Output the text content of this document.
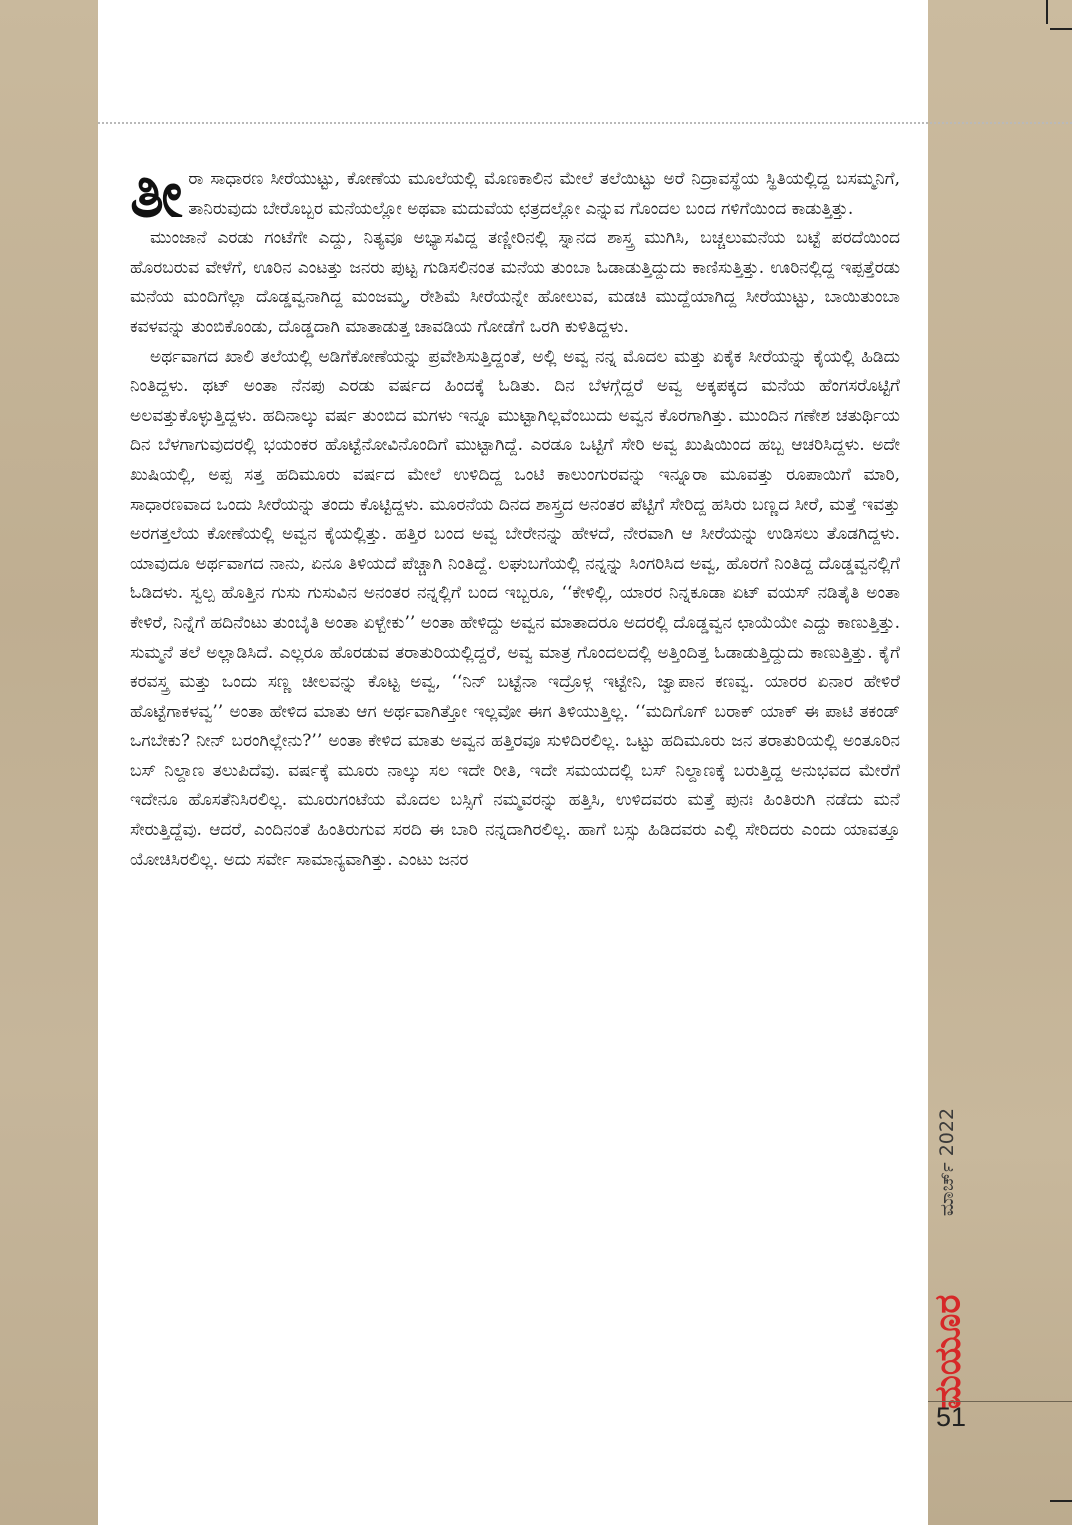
ತೀರಾ ಸಾಧಾರಣ ಸೀರೆಯುಟ್ಟು, ಕೋಣೆಯ ಮೂಲೆಯಲ್ಲಿ ಮೊಣಕಾಲಿನ ಮೇಲೆ ತಲೆಯಿಟ್ಟು ಅರೆ ನಿದ್ರಾವಸ್ಥೆಯ ಸ್ಥಿತಿಯಲ್ಲಿದ್ದ ಬಸಮ್ಮನಿಗೆ, ತಾನಿರುವುದು ಬೇರೊಬ್ಬರ ಮನೆಯಲ್ಲೋ ಅಥವಾ ಮದುವೆಯ ಛತ್ರದಲ್ಲೋ ಎನ್ನುವ ಗೊಂದಲ ಬಂದ ಗಳಿಗೆಯಿಂದ ಕಾಡುತ್ತಿತ್ತು.

ಮುಂಜಾನೆ ಎರಡು ಗಂಟೆಗೇ ಎದ್ದು, ನಿತ್ಯವೂ ಅಭ್ಯಾಸವಿದ್ದ ತಣ್ಣೀರಿನಲ್ಲಿ ಸ್ನಾನದ ಶಾಸ್ತ್ರ ಮುಗಿಸಿ, ಬಚ್ಚಲುಮನೆಯ ಬಟ್ಟೆ ಪರದೆಯಿಂದ ಹೊರಬರುವ ವೇಳೆಗೆ, ಊರಿನ ಎಂಟತ್ತು ಜನರು ಪುಟ್ಟ ಗುಡಿಸಲಿನಂತ ಮನೆಯ ತುಂಬಾ ಓಡಾಡುತ್ತಿದ್ದುದು ಕಾಣಿಸುತ್ತಿತ್ತು. ಊರಿನಲ್ಲಿದ್ದ ಇಪ್ಪತ್ತೆರಡು ಮನೆಯ ಮಂದಿಗೆಲ್ಲಾ ದೊಡ್ಡವ್ವನಾಗಿದ್ದ ಮಂಜಮ್ಮ, ರೇಶಿಮೆ ಸೀರೆಯನ್ನೇ ಹೋಲುವ, ಮಡಚಿ ಮುದ್ದೆಯಾಗಿದ್ದ ಸೀರೆಯುಟ್ಟು, ಬಾಯಿತುಂಬಾ ಕವಳವನ್ನು ತುಂಬಿಕೊಂಡು, ದೊಡ್ಡದಾಗಿ ಮಾತಾಡುತ್ತ ಚಾವಡಿಯ ಗೋಡೆಗೆ ಒರಗಿ ಕುಳಿತಿದ್ದಳು.

ಅರ್ಥವಾಗದ ಖಾಲಿ ತಲೆಯಲ್ಲಿ ಅಡಿಗೆಕೋಣೆಯನ್ನು ಪ್ರವೇಶಿಸುತ್ತಿದ್ದಂತೆ, ಅಲ್ಲಿ ಅವ್ವ ನನ್ನ ಮೊದಲ ಮತ್ತು ಏಕೈಕ ಸೀರೆಯನ್ನು ಕೈಯಲ್ಲಿ ಹಿಡಿದು ನಿಂತಿದ್ದಳು. ಥಟ್ ಅಂತಾ ನೆನಪು ಎರಡು ವರ್ಷದ ಹಿಂದಕ್ಕೆ ಓಡಿತು. ದಿನ ಬೆಳಗ್ಗೆದ್ದರೆ ಅವ್ವ ಅಕ್ಕಪಕ್ಕದ ಮನೆಯ ಹೆಂಗಸರೊಟ್ಟಿಗೆ ಅಲವತ್ತುಕೊಳ್ಳುತ್ತಿದ್ದಳು. ಹದಿನಾಲ್ಕು ವರ್ಷ ತುಂಬಿದ ಮಗಳು ಇನ್ನೂ ಮುಟ್ಟಾಗಿಲ್ಲವೆಂಬುದು ಅವ್ವನ ಕೊರಗಾಗಿತ್ತು. ಮುಂದಿನ ಗಣೇಶ ಚತುರ್ಥಿಯ ದಿನ ಬೆಳಗಾಗುವುದರಲ್ಲಿ ಭಯಂಕರ ಹೊಟ್ಟೆನೋವಿನೊಂದಿಗೆ ಮುಟ್ಟಾಗಿದ್ದೆ. ಎರಡೂ ಒಟ್ಟಿಗೆ ಸೇರಿ ಅವ್ವ ಖುಷಿಯಿಂದ ಹಬ್ಬ ಆಚರಿಸಿದ್ದಳು. ಅದೇ ಖುಷಿಯಲ್ಲಿ, ಅಪ್ಪ ಸತ್ತ ಹದಿಮೂರು ವರ್ಷದ ಮೇಲೆ ಉಳಿದಿದ್ದ ಒಂಟಿ ಕಾಲುಂಗುರವನ್ನು ಇನ್ನೂರಾ ಮೂವತ್ತು ರೂಪಾಯಿಗೆ ಮಾರಿ, ಸಾಧಾರಣವಾದ ಒಂದು ಸೀರೆಯನ್ನು ತಂದು ಕೊಟ್ಟಿದ್ದಳು. ಮೂರನೆಯ ದಿನದ ಶಾಸ್ತ್ರದ ಅನಂತರ ಪೆಟ್ಟಿಗೆ ಸೇರಿದ್ದ ಹಸಿರು ಬಣ್ಣದ ಸೀರೆ, ಮತ್ತೆ ಇವತ್ತು ಅರಗತ್ತಲೆಯ ಕೋಣೆಯಲ್ಲಿ ಅವ್ವನ ಕೈಯಲ್ಲಿತ್ತು. ಹತ್ತಿರ ಬಂದ ಅವ್ವ ಬೇರೇನನ್ನು ಹೇಳದೆ, ನೇರವಾಗಿ ಆ ಸೀರೆಯನ್ನು ಉಡಿಸಲು ತೊಡಗಿದ್ದಳು. ಯಾವುದೂ ಅರ್ಥವಾಗದ ನಾನು, ಏನೂ ತಿಳಿಯದೆ ಪೆಚ್ಚಾಗಿ ನಿಂತಿದ್ದೆ. ಲಘುಬಗೆಯಲ್ಲಿ ನನ್ನನ್ನು ಸಿಂಗರಿಸಿದ ಅವ್ವ, ಹೊರಗೆ ನಿಂತಿದ್ದ ದೊಡ್ಡವ್ವನಲ್ಲಿಗೆ ಓಡಿದಳು. ಸ್ವಲ್ಪ ಹೊತ್ತಿನ ಗುಸು ಗುಸುವಿನ ಅನಂತರ ನನ್ನಲ್ಲಿಗೆ ಬಂದ ಇಬ್ಬರೂ, ‘‘ಕೇಳಿಲ್ಲಿ, ಯಾರರ ನಿನ್ನಕೂಡಾ ಏಟ್ ವಯಸ್ ನಡಿತೈತಿ ಅಂತಾ ಕೇಳಿರೆ, ನಿನ್ನೆಗೆ ಹದಿನೆಂಟು ತುಂಬೈತಿ ಅಂತಾ ಏಳ್ಬೇಕು’’ ಅಂತಾ ಹೇಳಿದ್ದು ಅವ್ವನ ಮಾತಾದರೂ ಅದರಲ್ಲಿ ದೊಡ್ಡವ್ವನ ಛಾಯೆಯೇ ಎದ್ದು ಕಾಣುತ್ತಿತ್ತು. ಸುಮ್ಮನೆ ತಲೆ ಅಲ್ಲಾಡಿಸಿದೆ. ಎಲ್ಲರೂ ಹೊರಡುವ ತರಾತುರಿಯಲ್ಲಿದ್ದರೆ, ಅವ್ವ ಮಾತ್ರ ಗೊಂದಲದಲ್ಲಿ ಅತ್ತಿಂದಿತ್ತ ಓಡಾಡುತ್ತಿದ್ದುದು ಕಾಣುತ್ತಿತ್ತು. ಕೈಗೆ ಕರವಸ್ತ್ರ ಮತ್ತು ಒಂದು ಸಣ್ಣ ಚೀಲವನ್ನು ಕೊಟ್ಟ ಅವ್ವ, ‘‘ನಿನ್ ಬಟ್ಟೆನಾ ಇದ್ರೊಳ್ಗ ಇಟ್ಟೇನಿ, ಜ್ವಾಪಾನ ಕಣವ್ವ. ಯಾರರ ಏನಾರ ಹೇಳಿರೆ ಹೊಟ್ಟೆಗಾಕಳವ್ವ’’ ಅಂತಾ ಹೇಳಿದ ಮಾತು ಆಗ ಅರ್ಥವಾಗಿತ್ತೋ ಇಲ್ಲವೋ ಈಗ ತಿಳಿಯುತ್ತಿಲ್ಲ. ‘‘ಮದಿಗೊಗ್ ಬರಾಕ್ ಯಾಕ್ ಈ ಪಾಟಿ ತಕಂಡ್ ಒಗಬೇಕು? ನೀನ್ ಬರಂಗಿಲ್ಲೇನು?’’ ಅಂತಾ ಕೇಳಿದ ಮಾತು ಅವ್ವನ ಹತ್ತಿರವೂ ಸುಳಿದಿರಲಿಲ್ಲ. ಒಟ್ಟು ಹದಿಮೂರು ಜನ ತರಾತುರಿಯಲ್ಲಿ ಅಂತೂರಿನ ಬಸ್ ನಿಲ್ದಾಣ ತಲುಪಿದೆವು. ವರ್ಷಕ್ಕೆ ಮೂರು ನಾಲ್ಕು ಸಲ ಇದೇ ರೀತಿ, ಇದೇ ಸಮಯದಲ್ಲಿ ಬಸ್ ನಿಲ್ದಾಣಕ್ಕೆ ಬರುತ್ತಿದ್ದ ಅನುಭವದ ಮೇರೆಗೆ ಇದೇನೂ ಹೊಸತೆನಿಸಿರಲಿಲ್ಲ. ಮೂರುಗಂಟೆಯ ಮೊದಲ ಬಸ್ಸಿಗೆ ನಮ್ಮವರನ್ನು ಹತ್ತಿಸಿ, ಉಳಿದವರು ಮತ್ತೆ ಪುನಃ ಹಿಂತಿರುಗಿ ನಡೆದು ಮನೆ ಸೇರುತ್ತಿದ್ದೆವು. ಆದರೆ, ಎಂದಿನಂತೆ ಹಿಂತಿರುಗುವ ಸರದಿ ಈ ಬಾರಿ ನನ್ನದಾಗಿರಲಿಲ್ಲ. ಹಾಗೆ ಬಸ್ಸು ಹಿಡಿದವರು ಎಲ್ಲಿ ಸೇರಿದರು ಎಂದು ಯಾವತ್ತೂ ಯೋಚಿಸಿರಲಿಲ್ಲ. ಅದು ಸರ್ವೇ ಸಾಮಾನ್ಯವಾಗಿತ್ತು. ಎಂಟು ಜನರ

ಮಾರ್ಚ್ 2022
ಮಯೂರ
51
